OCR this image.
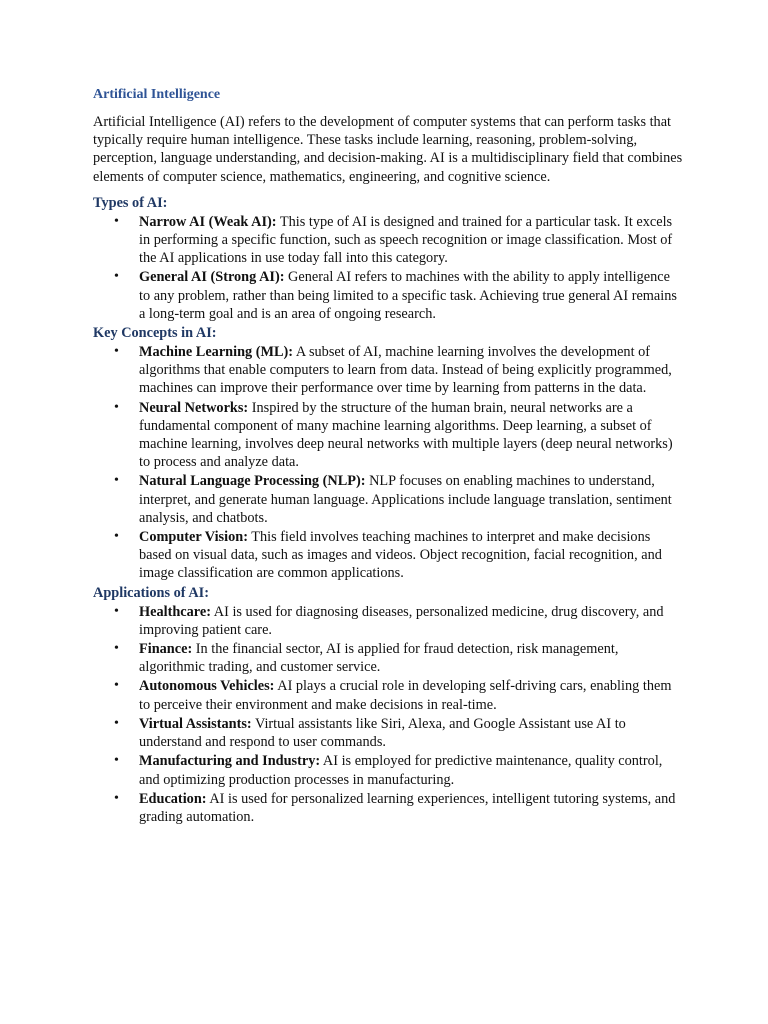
Artificial Intelligence

Artificial Intelligence (AI) refers to the development of computer systems that can perform tasks that typically require human intelligence. These tasks include learning, reasoning, problem-solving, perception, language understanding, and decision-making. AI is a multidisciplinary field that combines elements of computer science, mathematics, engineering, and cognitive science.

Types of AI:
• Narrow AI (Weak AI): This type of AI is designed and trained for a particular task. It excels in performing a specific function, such as speech recognition or image classification. Most of the AI applications in use today fall into this category.
• General AI (Strong AI): General AI refers to machines with the ability to apply intelligence to any problem, rather than being limited to a specific task. Achieving true general AI remains a long-term goal and is an area of ongoing research.
Key Concepts in AI:
• Machine Learning (ML): A subset of AI, machine learning involves the development of algorithms that enable computers to learn from data. Instead of being explicitly programmed, machines can improve their performance over time by learning from patterns in the data.
• Neural Networks: Inspired by the structure of the human brain, neural networks are a fundamental component of many machine learning algorithms. Deep learning, a subset of machine learning, involves deep neural networks with multiple layers (deep neural networks) to process and analyze data.
• Natural Language Processing (NLP): NLP focuses on enabling machines to understand, interpret, and generate human language. Applications include language translation, sentiment analysis, and chatbots.
• Computer Vision: This field involves teaching machines to interpret and make decisions based on visual data, such as images and videos. Object recognition, facial recognition, and image classification are common applications.
Applications of AI:
• Healthcare: AI is used for diagnosing diseases, personalized medicine, drug discovery, and improving patient care.
• Finance: In the financial sector, AI is applied for fraud detection, risk management, algorithmic trading, and customer service.
• Autonomous Vehicles: AI plays a crucial role in developing self-driving cars, enabling them to perceive their environment and make decisions in real-time.
• Virtual Assistants: Virtual assistants like Siri, Alexa, and Google Assistant use AI to understand and respond to user commands.
• Manufacturing and Industry: AI is employed for predictive maintenance, quality control, and optimizing production processes in manufacturing.
• Education: AI is used for personalized learning experiences, intelligent tutoring systems, and grading automation.
